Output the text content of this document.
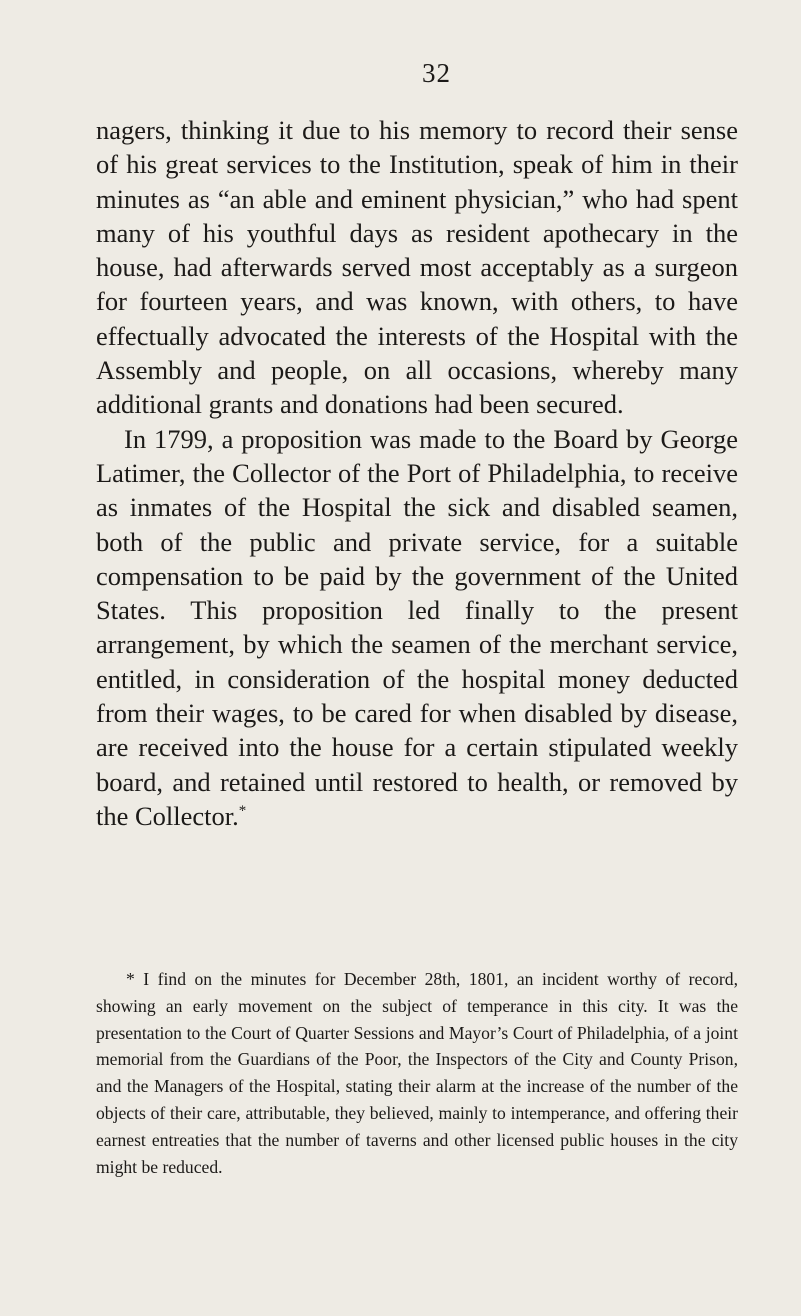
32

nagers, thinking it due to his memory to record their sense of his great services to the Institution, speak of him in their minutes as “an able and eminent physician,” who had spent many of his youthful days as resident apothecary in the house, had afterwards served most acceptably as a surgeon for fourteen years, and was known, with others, to have effectually advocated the interests of the Hospital with the Assembly and people, on all occasions, whereby many additional grants and donations had been secured.

In 1799, a proposition was made to the Board by George Latimer, the Collector of the Port of Philadelphia, to receive as inmates of the Hospital the sick and disabled seamen, both of the public and private service, for a suitable compensation to be paid by the government of the United States. This proposition led finally to the present arrangement, by which the seamen of the merchant service, entitled, in consideration of the hospital money deducted from their wages, to be cared for when disabled by disease, are received into the house for a certain stipulated weekly board, and retained until restored to health, or removed by the Collector.*

* I find on the minutes for December 28th, 1801, an incident worthy of record, showing an early movement on the subject of temperance in this city. It was the presentation to the Court of Quarter Sessions and Mayor’s Court of Philadelphia, of a joint memorial from the Guardians of the Poor, the Inspectors of the City and County Prison, and the Managers of the Hospital, stating their alarm at the increase of the number of the objects of their care, attributable, they believed, mainly to intemperance, and offering their earnest entreaties that the number of taverns and other licensed public houses in the city might be reduced.
